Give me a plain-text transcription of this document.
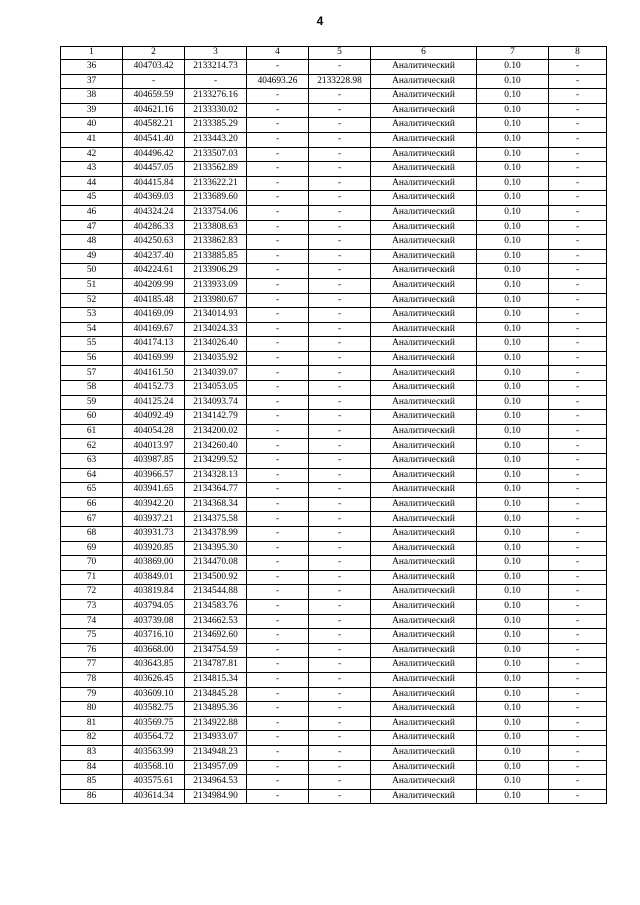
4
1	2	3	4	5	6	7	8
36	404703.42	2133214.73	-	-	Аналитический	0.10	-
37	-	-	404693.26	2133228.98	Аналитический	0.10	-
38	404659.59	2133276.16	-	-	Аналитический	0.10	-
39	404621.16	2133330.02	-	-	Аналитический	0.10	-
40	404582.21	2133385.29	-	-	Аналитический	0.10	-
41	404541.40	2133443.20	-	-	Аналитический	0.10	-
42	404496.42	2133507.03	-	-	Аналитический	0.10	-
43	404457.05	2133562.89	-	-	Аналитический	0.10	-
44	404415.84	2133622.21	-	-	Аналитический	0.10	-
45	404369.03	2133689.60	-	-	Аналитический	0.10	-
46	404324.24	2133754.06	-	-	Аналитический	0.10	-
47	404286.33	2133808.63	-	-	Аналитический	0.10	-
48	404250.63	2133862.83	-	-	Аналитический	0.10	-
49	404237.40	2133885.85	-	-	Аналитический	0.10	-
50	404224.61	2133906.29	-	-	Аналитический	0.10	-
51	404209.99	2133933.09	-	-	Аналитический	0.10	-
52	404185.48	2133980.67	-	-	Аналитический	0.10	-
53	404169.09	2134014.93	-	-	Аналитический	0.10	-
54	404169.67	2134024.33	-	-	Аналитический	0.10	-
55	404174.13	2134026.40	-	-	Аналитический	0.10	-
56	404169.99	2134035.92	-	-	Аналитический	0.10	-
57	404161.50	2134039.07	-	-	Аналитический	0.10	-
58	404152.73	2134053.05	-	-	Аналитический	0.10	-
59	404125.24	2134093.74	-	-	Аналитический	0.10	-
60	404092.49	2134142.79	-	-	Аналитический	0.10	-
61	404054.28	2134200.02	-	-	Аналитический	0.10	-
62	404013.97	2134260.40	-	-	Аналитический	0.10	-
63	403987.85	2134299.52	-	-	Аналитический	0.10	-
64	403966.57	2134328.13	-	-	Аналитический	0.10	-
65	403941.65	2134364.77	-	-	Аналитический	0.10	-
66	403942.20	2134368.34	-	-	Аналитический	0.10	-
67	403937.21	2134375.58	-	-	Аналитический	0.10	-
68	403931.73	2134378.99	-	-	Аналитический	0.10	-
69	403920.85	2134395.30	-	-	Аналитический	0.10	-
70	403869.00	2134470.08	-	-	Аналитический	0.10	-
71	403849.01	2134500.92	-	-	Аналитический	0.10	-
72	403819.84	2134544.88	-	-	Аналитический	0.10	-
73	403794.05	2134583.76	-	-	Аналитический	0.10	-
74	403739.08	2134662.53	-	-	Аналитический	0.10	-
75	403716.10	2134692.60	-	-	Аналитический	0.10	-
76	403668.00	2134754.59	-	-	Аналитический	0.10	-
77	403643.85	2134787.81	-	-	Аналитический	0.10	-
78	403626.45	2134815.34	-	-	Аналитический	0.10	-
79	403609.10	2134845.28	-	-	Аналитический	0.10	-
80	403582.75	2134895.36	-	-	Аналитический	0.10	-
81	403569.75	2134922.88	-	-	Аналитический	0.10	-
82	403564.72	2134933.07	-	-	Аналитический	0.10	-
83	403563.99	2134948.23	-	-	Аналитический	0.10	-
84	403568.10	2134957.09	-	-	Аналитический	0.10	-
85	403575.61	2134964.53	-	-	Аналитический	0.10	-
86	403614.34	2134984.90	-	-	Аналитический	0.10	-
